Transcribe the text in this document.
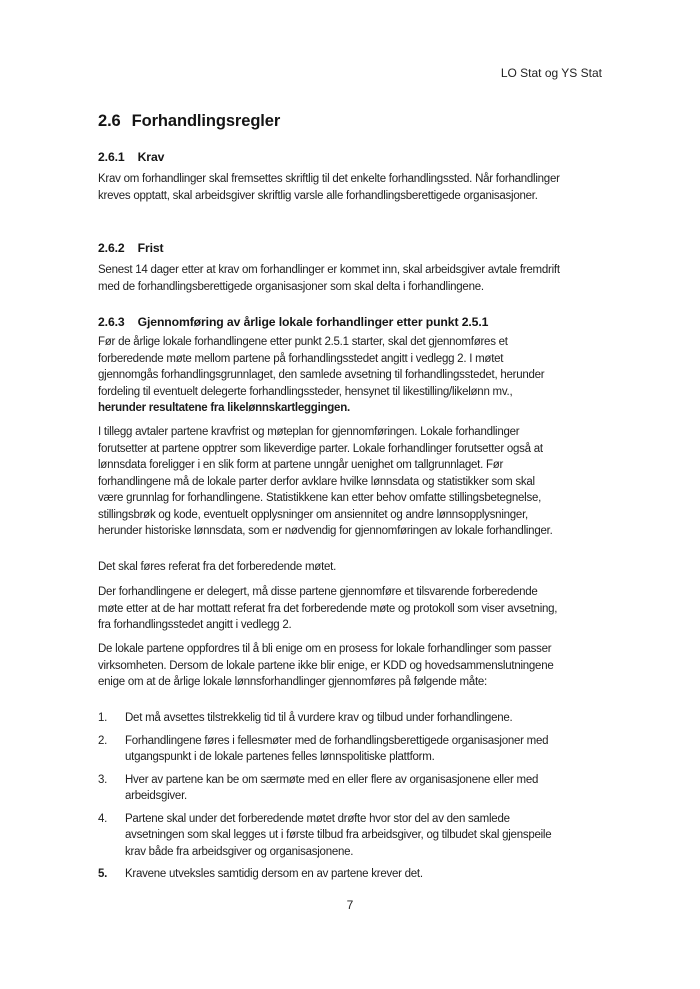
LO Stat og YS Stat
2.6 Forhandlingsregler
2.6.1 Krav

Krav om forhandlinger skal fremsettes skriftlig til det enkelte forhandlingssted. Når forhandlinger kreves opptatt, skal arbeidsgiver skriftlig varsle alle forhandlingsberettigede organisasjoner.

2.6.2 Frist

Senest 14 dager etter at krav om forhandlinger er kommet inn, skal arbeidsgiver avtale fremdrift med de forhandlingsberettigede organisasjoner som skal delta i forhandlingene.

2.6.3 Gjennomføring av årlige lokale forhandlinger etter punkt 2.5.1

Før de årlige lokale forhandlingene etter punkt 2.5.1 starter, skal det gjennomføres et forberedende møte mellom partene på forhandlingsstedet angitt i vedlegg 2. I møtet gjennomgås forhandlingsgrunnlaget, den samlede avsetning til forhandlingsstedet, herunder fordeling til eventuelt delegerte forhandlingssteder, hensynet til likestilling/likelønn mv., herunder resultatene fra likelønnskartleggingen.

I tillegg avtaler partene kravfrist og møteplan for gjennomføringen. Lokale forhandlinger forutsetter at partene opptrer som likeverdige parter. Lokale forhandlinger forutsetter også at lønnsdata foreligger i en slik form at partene unngår uenighet om tallgrunnlaget. Før forhandlingene må de lokale parter derfor avklare hvilke lønnsdata og statistikker som skal være grunnlag for forhandlingene. Statistikkene kan etter behov omfatte stillingsbetegnelse, stillingsbrøk og kode, eventuelt opplysninger om ansiennitet og andre lønnsopplysninger, herunder historiske lønnsdata, som er nødvendig for gjennomføringen av lokale forhandlinger.

Det skal føres referat fra det forberedende møtet.

Der forhandlingene er delegert, må disse partene gjennomføre et tilsvarende forberedende møte etter at de har mottatt referat fra det forberedende møte og protokoll som viser avsetning, fra forhandlingsstedet angitt i vedlegg 2.

De lokale partene oppfordres til å bli enige om en prosess for lokale forhandlinger som passer virksomheten. Dersom de lokale partene ikke blir enige, er KDD og hovedsammenslutningene enige om at de årlige lokale lønnsforhandlinger gjennomføres på følgende måte:

1.	Det må avsettes tilstrekkelig tid til å vurdere krav og tilbud under forhandlingene.
2.	Forhandlingene føres i fellesmøter med de forhandlingsberettigede organisasjoner med utgangspunkt i de lokale partenes felles lønnspolitiske plattform.
3.	Hver av partene kan be om særmøte med en eller flere av organisasjonene eller med arbeidsgiver.
4.	Partene skal under det forberedende møtet drøfte hvor stor del av den samlede avsetningen som skal legges ut i første tilbud fra arbeidsgiver, og tilbudet skal gjenspeile krav både fra arbeidsgiver og organisasjonene.
5.	Kravene utveksles samtidig dersom en av partene krever det.
7
